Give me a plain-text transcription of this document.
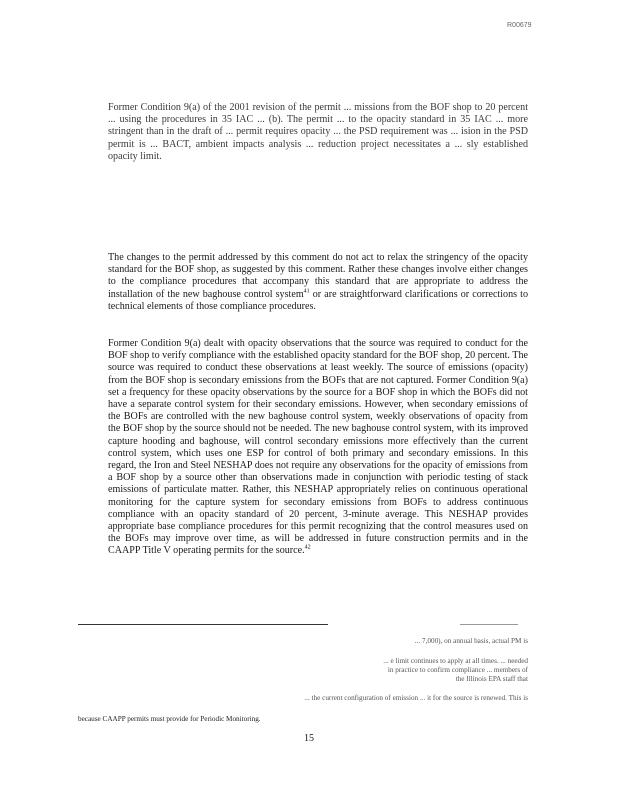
R00679

Former Condition 9(a) of the 2001 revision of the permit ... missions from the BOF shop to 20 percent ... using the procedures in 35 IAC ... (b). The permit ... to the opacity standard in 35 IAC ... more stringent than in the draft of ... permit requires opacity ... the PSD requirement was ... ision in the PSD permit is ... BACT, ambient impacts analysis ... reduction project necessitates a ... sly established opacity limit.

The changes to the permit addressed by this comment do not act to relax the stringency of the opacity standard for the BOF shop, as suggested by this comment. Rather these changes involve either changes to the compliance procedures that accompany this standard that are appropriate to address the installation of the new baghouse control system$^{41}$ or are straightforward clarifications or corrections to technical elements of those compliance procedures.

Former Condition 9(a) dealt with opacity observations that the source was required to conduct for the BOF shop to verify compliance with the established opacity standard for the BOF shop, 20 percent. The source was required to conduct these observations at least weekly. The source of emissions (opacity) from the BOF shop is secondary emissions from the BOFs that are not captured. Former Condition 9(a) set a frequency for these opacity observations by the source for a BOF shop in which the BOFs did not have a separate control system for their secondary emissions. However, when secondary emissions of the BOFs are controlled with the new baghouse control system, weekly observations of opacity from the BOF shop by the source should not be needed. The new baghouse control system, with its improved capture hooding and baghouse, will control secondary emissions more effectively than the current control system, which uses one ESP for control of both primary and secondary emissions. In this regard, the Iron and Steel NESHAP does not require any observations for the opacity of emissions from a BOF shop by a source other than observations made in conjunction with periodic testing of stack emissions of particulate matter. Rather, this NESHAP appropriately relies on continuous operational monitoring for the capture system for secondary emissions from BOFs to address continuous compliance with an opacity standard of 20 percent, 3-minute average. This NESHAP provides appropriate base compliance procedures for this permit recognizing that the control measures used on the BOFs may improve over time, as will be addressed in future construction permits and in the CAAPP Title V operating permits for the source.$^{42}$

... 7,000), on annual basis, actual PM is

... e limit continues to apply at all times. ... needed in practice to confirm compliance ... members of the Illinois EPA staff that

... the current configuration of emission ... it for the source is renewed. This is

because CAAPP permits must provide for Periodic Monitoring.

15
